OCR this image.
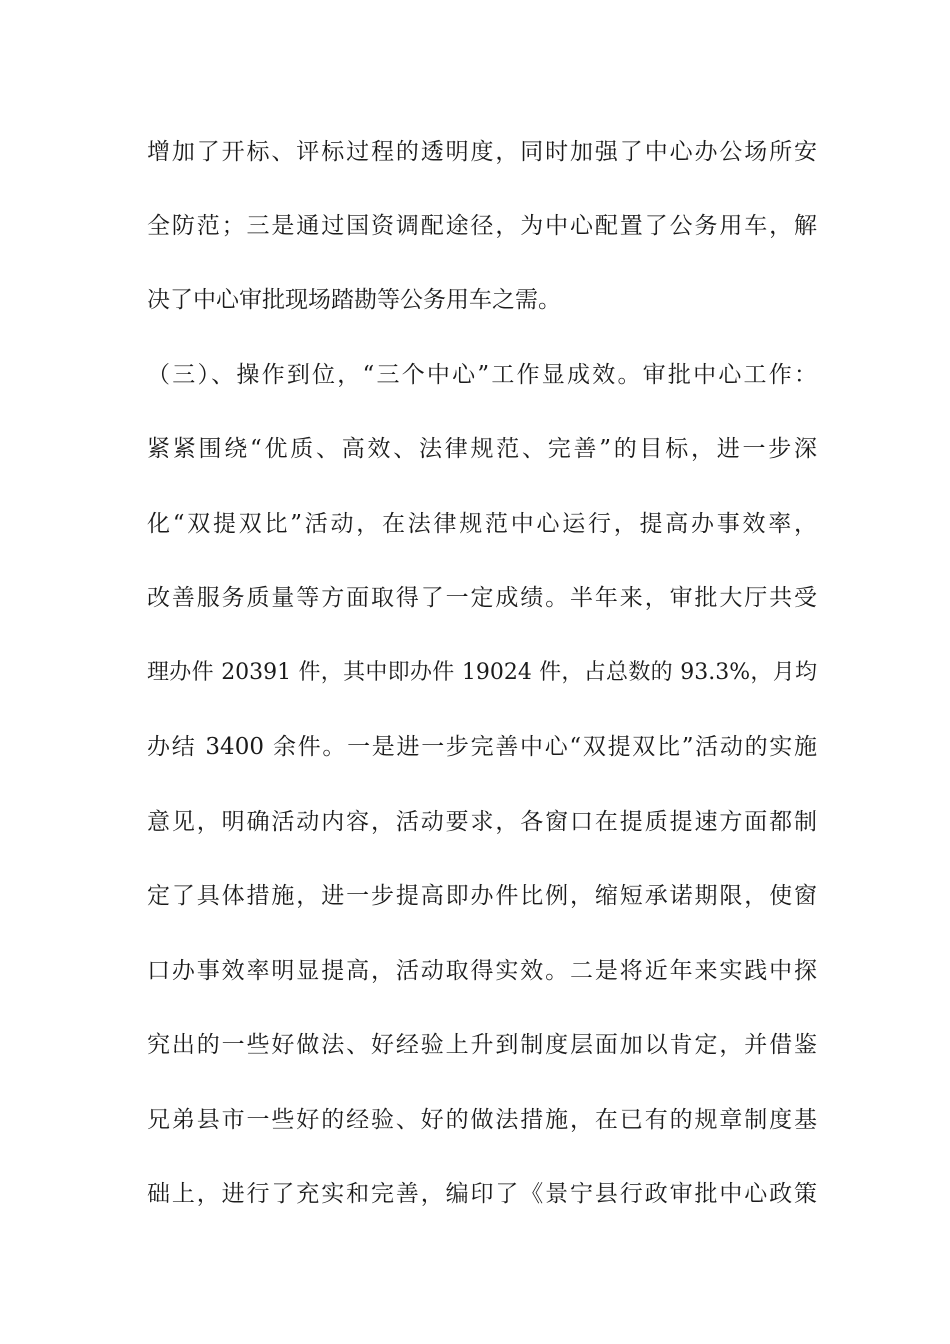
增加了开标、评标过程的透明度，同时加强了中心办公场所安
全防范；三是通过国资调配途径，为中心配置了公务用车，解
决了中心审批现场踏勘等公务用车之需。
（三）、操作到位，“三个中心”工作显成效。审批中心工作：
紧紧围绕“优质、高效、法律规范、完善”的目标，进一步深
化“双提双比”活动，在法律规范中心运行，提高办事效率，
改善服务质量等方面取得了一定成绩。半年来，审批大厅共受
理办件 20391 件，其中即办件 19024 件，占总数的 93.3%，月均
办结 3400 余件。一是进一步完善中心“双提双比”活动的实施
意见，明确活动内容，活动要求，各窗口在提质提速方面都制
定了具体措施，进一步提高即办件比例，缩短承诺期限，使窗
口办事效率明显提高，活动取得实效。二是将近年来实践中探
究出的一些好做法、好经验上升到制度层面加以肯定，并借鉴
兄弟县市一些好的经验、好的做法措施，在已有的规章制度基
础上，进行了充实和完善，编印了《景宁县行政审批中心政策
